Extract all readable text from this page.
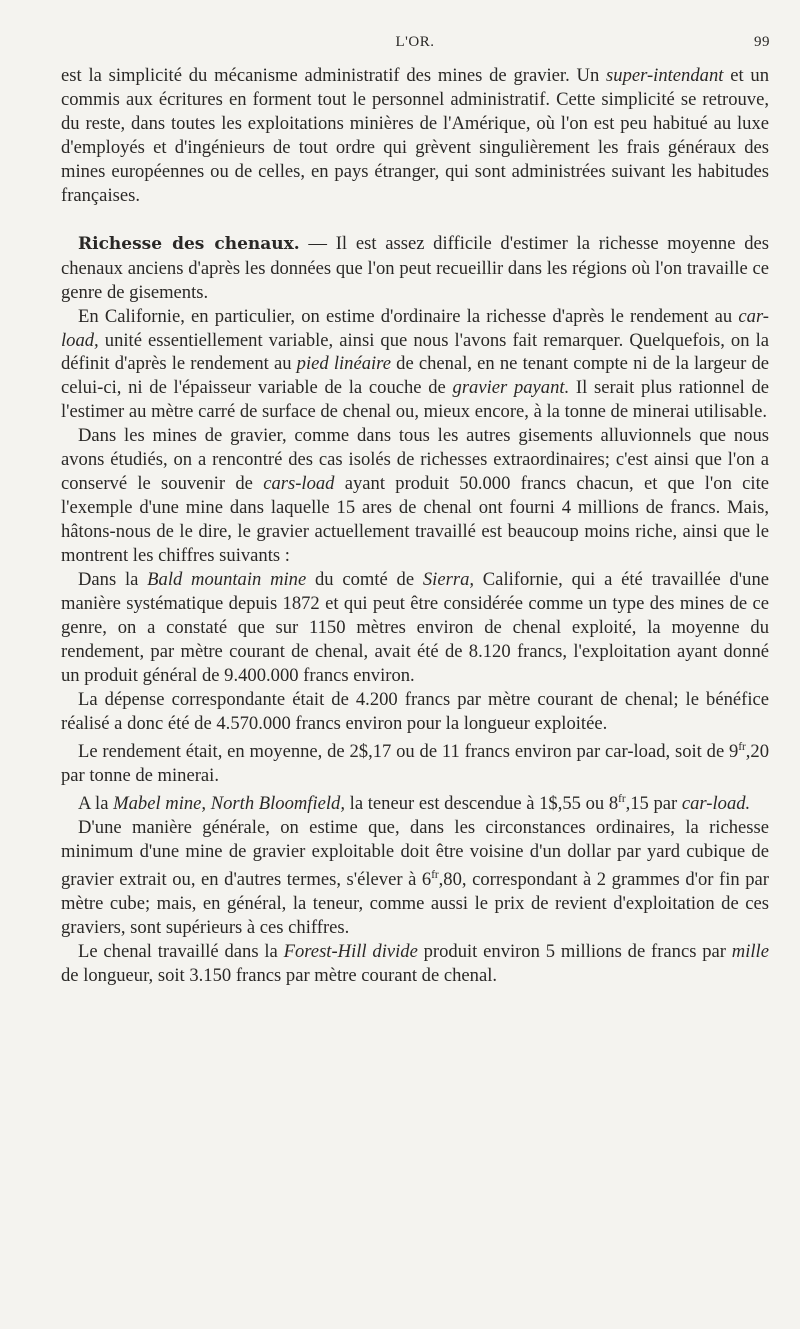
L'OR.	99

est la simplicité du mécanisme administratif des mines de gravier. Un super-intendant et un commis aux écritures en forment tout le personnel administratif. Cette simplicité se retrouve, du reste, dans toutes les exploitations minières de l'Amérique, où l'on est peu habitué au luxe d'employés et d'ingénieurs de tout ordre qui grèvent singulièrement les frais généraux des mines européennes ou de celles, en pays étranger, qui sont administrées suivant les habitudes françaises.

Richesse des chenaux. — Il est assez difficile d'estimer la richesse moyenne des chenaux anciens d'après les données que l'on peut recueillir dans les régions où l'on travaille ce genre de gisements.

En Californie, en particulier, on estime d'ordinaire la richesse d'après le rendement au car-load, unité essentiellement variable, ainsi que nous l'avons fait remarquer. Quelquefois, on la définit d'après le rendement au pied linéaire de chenal, en ne tenant compte ni de la largeur de celui-ci, ni de l'épaisseur variable de la couche de gravier payant. Il serait plus rationnel de l'estimer au mètre carré de surface de chenal ou, mieux encore, à la tonne de minerai utilisable.

Dans les mines de gravier, comme dans tous les autres gisements alluvionnels que nous avons étudiés, on a rencontré des cas isolés de richesses extraordinaires; c'est ainsi que l'on a conservé le souvenir de cars-load ayant produit 50.000 francs chacun, et que l'on cite l'exemple d'une mine dans laquelle 15 ares de chenal ont fourni 4 millions de francs. Mais, hâtons-nous de le dire, le gravier actuellement travaillé est beaucoup moins riche, ainsi que le montrent les chiffres suivants :

Dans la Bald mountain mine du comté de Sierra, Californie, qui a été travaillée d'une manière systématique depuis 1872 et qui peut être considérée comme un type des mines de ce genre, on a constaté que sur 1150 mètres environ de chenal exploité, la moyenne du rendement, par mètre courant de chenal, avait été de 8.120 francs, l'exploitation ayant donné un produit général de 9.400.000 francs environ.

La dépense correspondante était de 4.200 francs par mètre courant de chenal; le bénéfice réalisé a donc été de 4.570.000 francs environ pour la longueur exploitée.

Le rendement était, en moyenne, de 2$,17 ou de 11 francs environ par car-load, soit de $9^{fr},20$ par tonne de minerai.

A la Mabel mine, North Bloomfield, la teneur est descendue à 1$,55 ou $8^{fr},15$ par car-load.

D'une manière générale, on estime que, dans les circonstances ordinaires, la richesse minimum d'une mine de gravier exploitable doit être voisine d'un dollar par yard cubique de gravier extrait ou, en d'autres termes, s'élever à $6^{fr},80$, correspondant à 2 grammes d'or fin par mètre cube; mais, en général, la teneur, comme aussi le prix de revient d'exploitation de ces graviers, sont supérieurs à ces chiffres.

Le chenal travaillé dans la Forest-Hill divide produit environ 5 millions de francs par mille de longueur, soit 3.150 francs par mètre courant de chenal.
